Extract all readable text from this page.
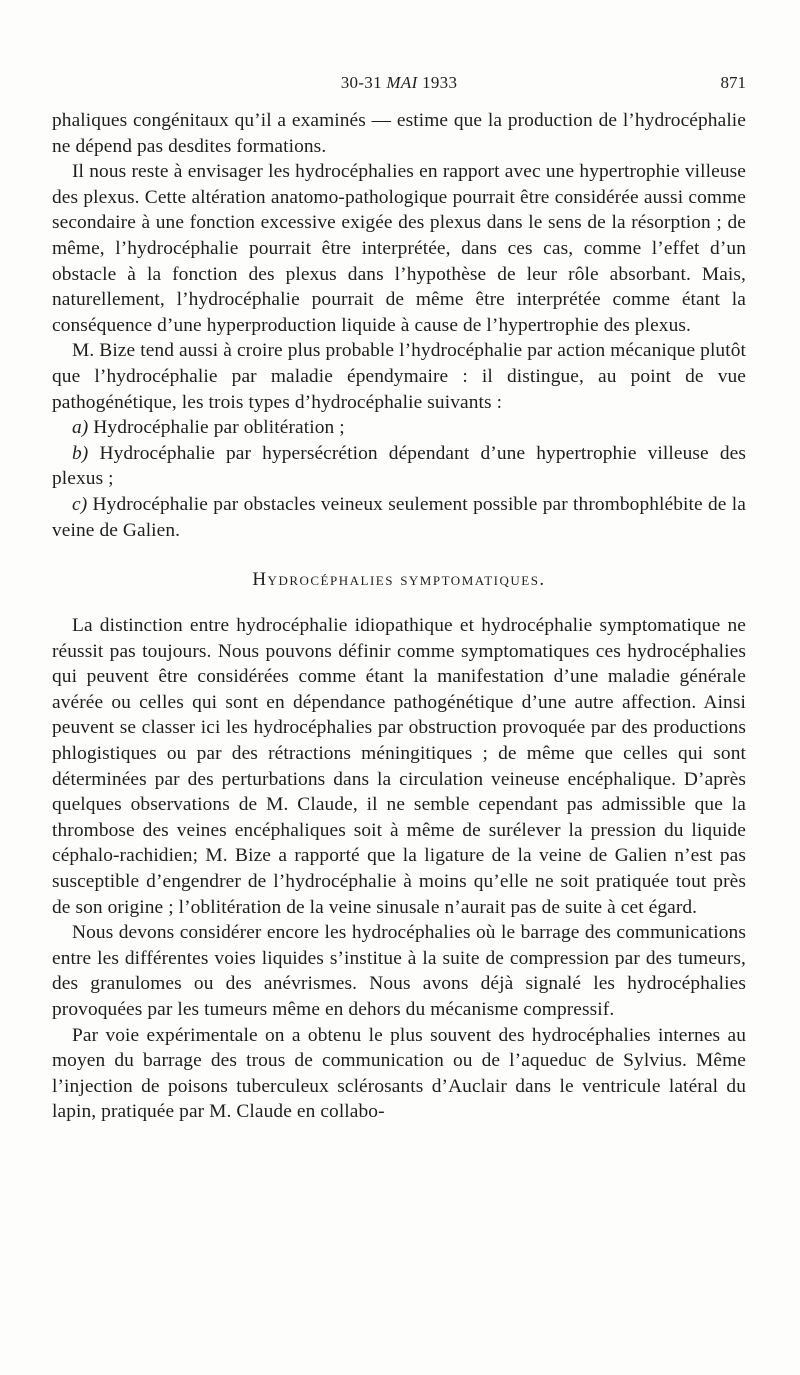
30-31 MAI 1933	871

phaliques congénitaux qu’il a examinés — estime que la production de l’hydrocéphalie ne dépend pas desdites formations.

Il nous reste à envisager les hydrocéphalies en rapport avec une hypertrophie villeuse des plexus. Cette altération anatomo-pathologique pourrait être considérée aussi comme secondaire à une fonction excessive exigée des plexus dans le sens de la résorption ; de même, l’hydrocéphalie pourrait être interprétée, dans ces cas, comme l’effet d’un obstacle à la fonction des plexus dans l’hypothèse de leur rôle absorbant. Mais, naturellement, l’hydrocéphalie pourrait de même être interprétée comme étant la conséquence d’une hyperproduction liquide à cause de l’hypertrophie des plexus.

M. Bize tend aussi à croire plus probable l’hydrocéphalie par action mécanique plutôt que l’hydrocéphalie par maladie épendymaire : il distingue, au point de vue pathogénétique, les trois types d’hydrocéphalie suivants :

a) Hydrocéphalie par oblitération ;

b) Hydrocéphalie par hypersécrétion dépendant d’une hypertrophie villeuse des plexus ;

c) Hydrocéphalie par obstacles veineux seulement possible par thrombophlébite de la veine de Galien.

Hydrocéphalies symptomatiques.

La distinction entre hydrocéphalie idiopathique et hydrocéphalie symptomatique ne réussit pas toujours. Nous pouvons définir comme symptomatiques ces hydrocéphalies qui peuvent être considérées comme étant la manifestation d’une maladie générale avérée ou celles qui sont en dépendance pathogénétique d’une autre affection. Ainsi peuvent se classer ici les hydrocéphalies par obstruction provoquée par des productions phlogistiques ou par des rétractions méningitiques ; de même que celles qui sont déterminées par des perturbations dans la circulation veineuse encéphalique. D’après quelques observations de M. Claude, il ne semble cependant pas admissible que la thrombose des veines encéphaliques soit à même de surélever la pression du liquide céphalo-rachidien; M. Bize a rapporté que la ligature de la veine de Galien n’est pas susceptible d’engendrer de l’hydrocéphalie à moins qu’elle ne soit pratiquée tout près de son origine ; l’oblitération de la veine sinusale n’aurait pas de suite à cet égard.

Nous devons considérer encore les hydrocéphalies où le barrage des communications entre les différentes voies liquides s’institue à la suite de compression par des tumeurs, des granulomes ou des anévrismes. Nous avons déjà signalé les hydrocéphalies provoquées par les tumeurs même en dehors du mécanisme compressif.

Par voie expérimentale on a obtenu le plus souvent des hydrocéphalies internes au moyen du barrage des trous de communication ou de l’aqueduc de Sylvius. Même l’injection de poisons tuberculeux sclérosants d’Auclair dans le ventricule latéral du lapin, pratiquée par M. Claude en collabo-
